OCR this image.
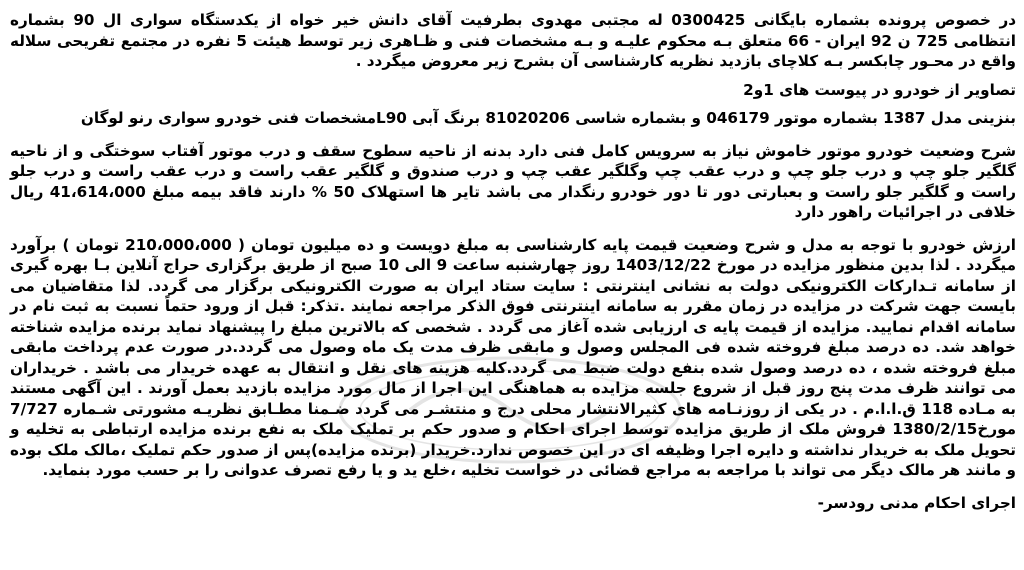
در خصوص پرونده بشماره بایگانی 0300425 له مجتبی مهدوی بطرفیت آقای دانش خیر خواه از یکدستگاه سواری ال 90 بشماره انتظامی 725 ن 92 ایران - 66 متعلق بـه محکوم علیـه و بـه مشخصات فنی و ظـاهری زیر توسط هیئت 5 نفره در مجتمع تفریحی سلاله واقع در محـور چابکسر بـه کلاچای بازدید نظریه کارشناسی آن بشرح زیر معروض میگردد .

تصاویر از خودرو در پیوست های 1و2

بنزینی مدل 1387 بشماره موتور 046179 و بشماره شاسی 81020206 برنگ آبی L90مشخصات فنی خودرو سواری رنو لوگان

شرح وضعیت خودرو موتور خاموش نیاز به سرویس کامل فنی دارد بدنه از ناحیه سطوح سقف و درب موتور آفتاب سوختگی و از ناحیه گلگیر جلو چپ و درب جلو چپ و درب عقب چپ وگلگیر عقب چپ و درب صندوق و گلگیر عقب راست و درب عقب راست و درب جلو راست و گلگیر جلو راست و بعبارتی دور تا دور خودرو رنگدار می باشد تایر ها استهلاک 50 % دارند فاقد بیمه مبلغ 41،614،000 ریال خلافی در اجرائیات راهور دارد

ارزش خودرو با توجه به مدل و شرح وضعیت قیمت پایه کارشناسی به مبلغ دویست و ده میلیون تومان ( 210،000،000 تومان ) برآورد میگردد . لذا بدین منظور مزایده در مورخ 1403/12/22 روز چهارشنبه ساعت 9 الی 10 صبح از طریق برگزاری حراج آنلاین بـا بهره گیری از سامانه تـدارکات الکترونیکی دولت به نشانی اینترنتی : سایت ستاد ایران به صورت الکترونیکی برگزار می گردد. لذا متقاضیان می بایست جهت شرکت در مزایده در زمان مقرر به سامانه اینترنتی فوق الذکر مراجعه نمایند .تذکر: قبل از ورود حتماً نسبت به ثبت نام در سامانه اقدام نمایید. مزایده از قیمت پایه ی ارزیابی شده آغاز می گردد . شخصی که بالاترین مبلغ را پیشنهاد نماید برنده مزایده شناخته خواهد شد. ده درصد مبلغ فروخته شده فی المجلس وصول و مابقی ظرف مدت یک ماه وصول می گردد.در صورت عدم پرداخت مابقی مبلغ فروخته شده ، ده درصد وصول شده بنفع دولت ضبط می گردد.کلیه هزینه های نقل و انتقال به عهده خریدار می باشد . خریداران می توانند ظرف مدت پنج روز قبل از شروع جلسه مزایده به هماهنگی این اجرا از مال مورد مزایده بازدید بعمل آورند . این آگهی مستند به مـاده 118 ق.ا.ا.م . در یکی از روزنـامه های کثیرالانتشار محلی درج و منتشـر می گردد ضـمنا مطـابق نظریـه مشورتی شـماره 7/727 مورخ1380/2/15 فروش ملک از طریق مزایده توسط اجرای احکام و صدور حکم بر تملیک ملک به نفع برنده مزایده ارتباطی به تخلیه و تحویل ملک به خریدار نداشته و دایره اجرا وظیفه ای در این خصوص ندارد.خریدار (برنده مزایده)پس از صدور حکم تملیک ،مالک ملک بوده و مانند هر مالک دیگر می تواند با مراجعه به مراجع قضائی در خواست تخلیه ،خلع ید و یا رفع تصرف عدوانی را بر حسب مورد بنماید.

اجرای احکام مدنی رودسر-
